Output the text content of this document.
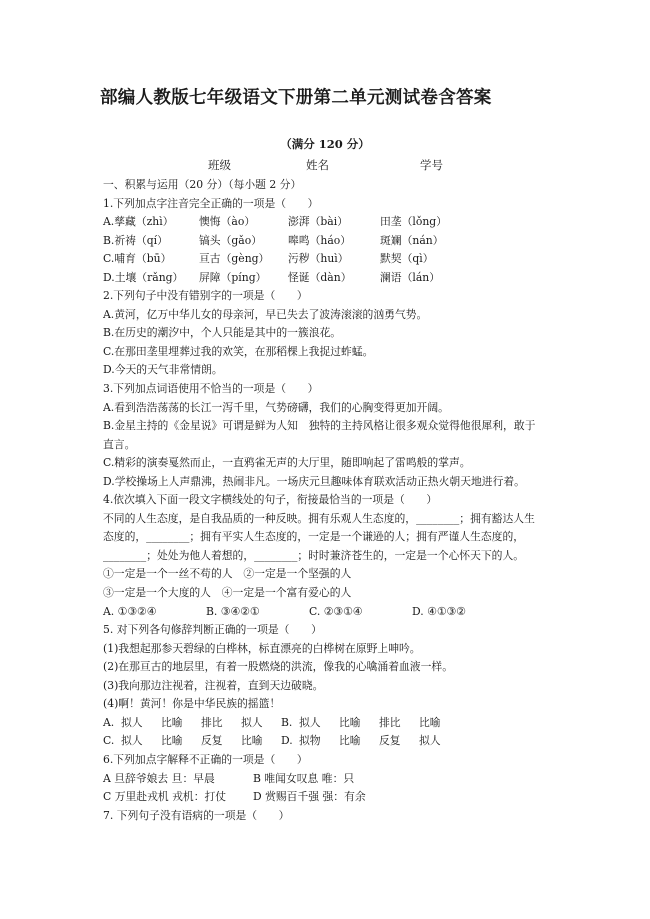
部编人教版七年级语文下册第二单元测试卷含答案
（满分 120 分）
班级	姓名	学号
一、积累与运用（20 分）（每小题 2 分）
1.下列加点字注音完全正确的一项是（　　）
A.孳藏（zhì）	懊悔（ào）	澎湃（bài）	田垄（lǒng）
B.祈祷（qí）	镐头（gǎo）	嗥鸣（háo）	斑斓（nán）
C.哺育（bū）	亘古（gèng）	污秽（huì）	默契（qì）
D.土壤（rǎng）	屏障（píng）	怪诞（dàn）	澜语（lán）
2.下列句子中没有错别字的一项是（　　）
A.黄河，亿万中华儿女的母亲河，早已失去了波涛滚滚的汹勇气势。
B.在历史的潮汐中，个人只能是其中的一簇浪花。
C.在那田垄里埋葬过我的欢笑，在那稻棵上我捉过蚱蜢。
D.今天的天气非常情朗。
3.下列加点词语使用不恰当的一项是（　　）
A.看到浩浩荡荡的长江一泻千里，气势磅礴，我们的心胸变得更加开阔。
B.金星主持的《金星说》可谓是鲜为人知　独特的主持风格让很多观众觉得他很犀利，敢于
直言。
C.精彩的演奏戛然而止，一直鸦雀无声的大厅里，随即响起了雷鸣般的掌声。
D.学校操场上人声鼎沸，热闹非凡。一场庆元旦趣味体育联欢活动正热火朝天地进行着。
4.依次填入下面一段文字横线处的句子，衔接最恰当的一项是（　　）
不同的人生态度，是自我品质的一种反映。拥有乐观人生态度的，________；拥有豁达人生
态度的，________；拥有平实人生态度的，一定是一个谦逊的人；拥有严谨人生态度的，
________；处处为他人着想的，________；时时兼济苍生的，一定是一个心怀天下的人。
①一定是一个一丝不苟的人　②一定是一个坚强的人
③一定是一个大度的人　④一定是一个富有爱心的人
A. ①③②④	B. ③④②①	C. ②③①④	D. ④①③②
5. 对下列各句修辞判断正确的一项是（　　）
(1)我想起那参天碧绿的白桦林，标直漂亮的白桦树在原野上呻吟。
(2)在那亘古的地层里，有着一股燃烧的洪流，像我的心噙涌着血液一样。
(3)我向那边注视着，注视着，直到天边破晓。
(4)啊！黄河！你是中华民族的摇篮！
A. 拟人	比喻	排比	拟人	B. 拟人	比喻	排比	比喻
C. 拟人	比喻	反复	比喻	D. 拟物	比喻	反复	拟人
6.下列加点字解释不正确的一项是（　　）
A 旦辞爷娘去 旦：早晨	B 唯闻女叹息 唯：只
C 万里赴戎机 戎机：打仗	D 赏赐百千强 强：有余
7. 下列句子没有语病的一项是（　　）
